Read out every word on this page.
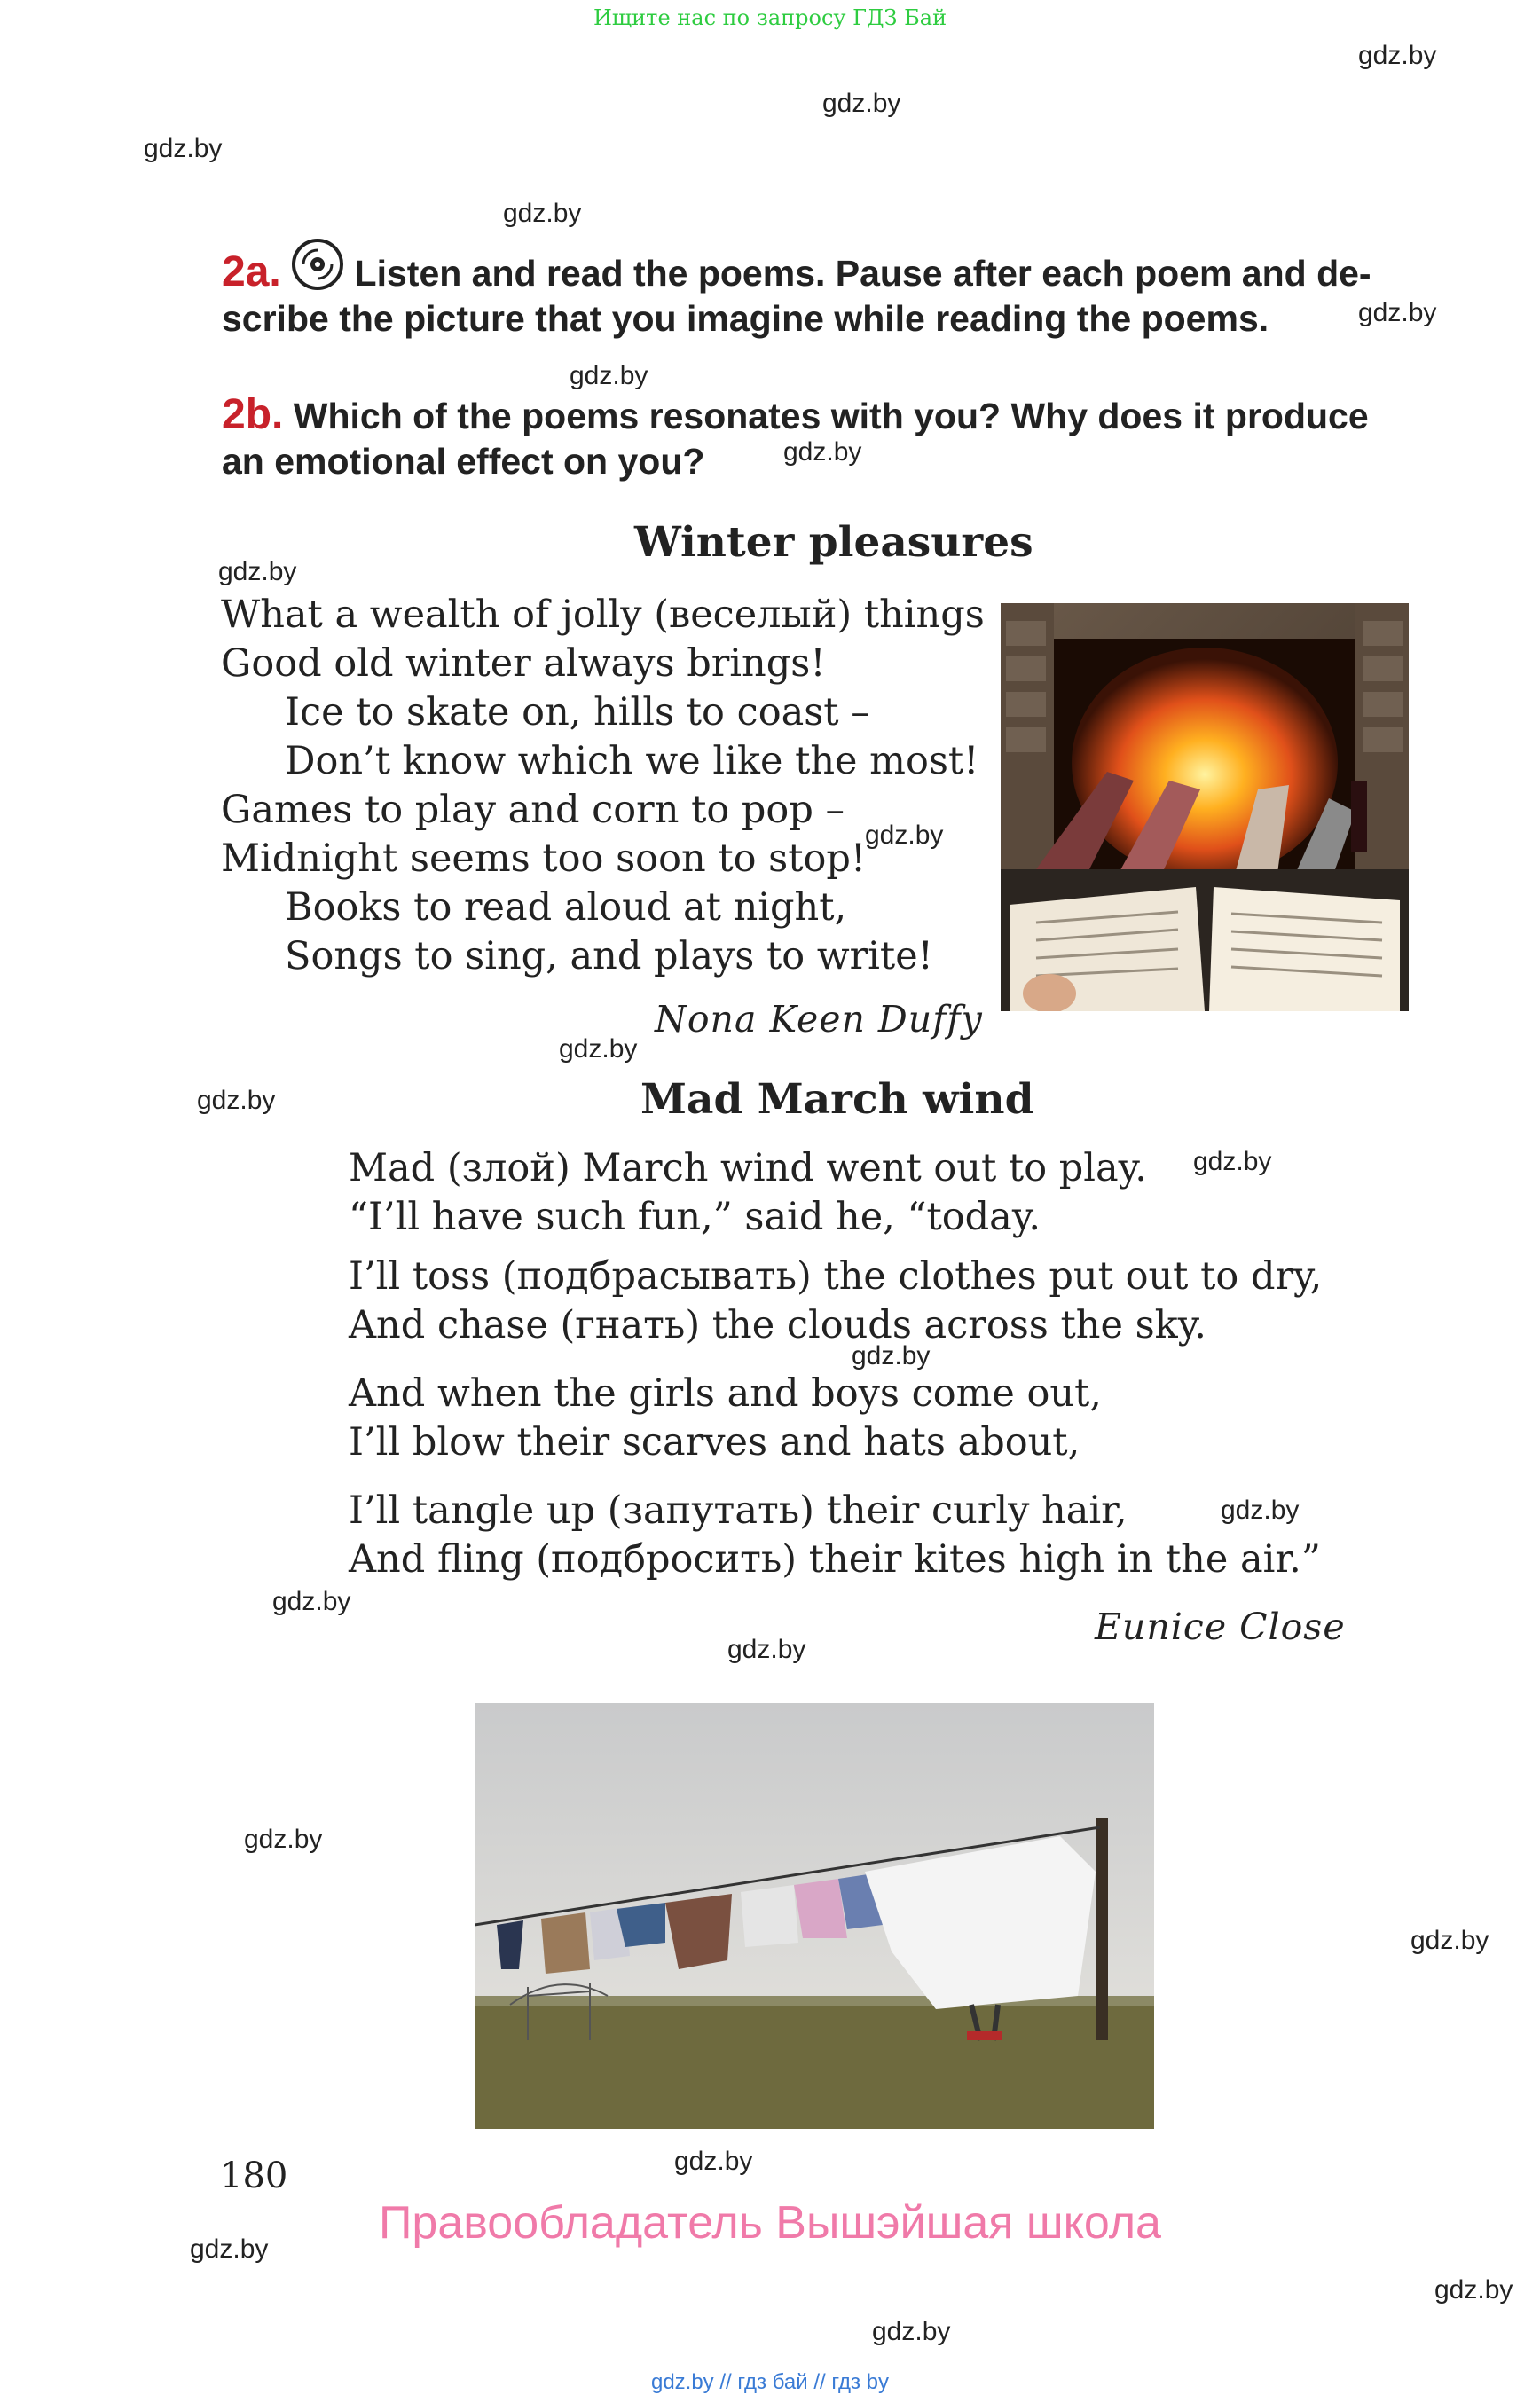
Ищите нас по запросу ГДЗ Бай
gdz.by
gdz.by
gdz.by
gdz.by
gdz.by
gdz.by
gdz.by
gdz.by
gdz.by
gdz.by
gdz.by
gdz.by
gdz.by
gdz.by
gdz.by
gdz.by
gdz.by
gdz.by
gdz.by
gdz.by
gdz.by
gdz.by
2a. Listen and read the poems. Pause after each poem and de-scribe the picture that you imagine while reading the poems.
2b. Which of the poems resonates with you? Why does it produce an emotional effect on you?
Winter pleasures
What a wealth of jolly (веселый) things
Good old winter always brings!
Ice to skate on, hills to coast –
Don’t know which we like the most!
Games to play and corn to pop –
Midnight seems too soon to stop!
Books to read aloud at night,
Songs to sing, and plays to write!
Nona Keen Duffy
Mad March wind
Mad (злой) March wind went out to play.
“I’ll have such fun,” said he, “today.
I’ll toss (подбрасывать) the clothes put out to dry,
And chase (гнать) the clouds across the sky.
And when the girls and boys come out,
I’ll blow their scarves and hats about,
I’ll tangle up (запутать) their curly hair,
And fling (подбросить) their kites high in the air.”
Eunice Close
180
Правообладатель Вышэйшая школа
gdz.by // гдз бай // гдз by
